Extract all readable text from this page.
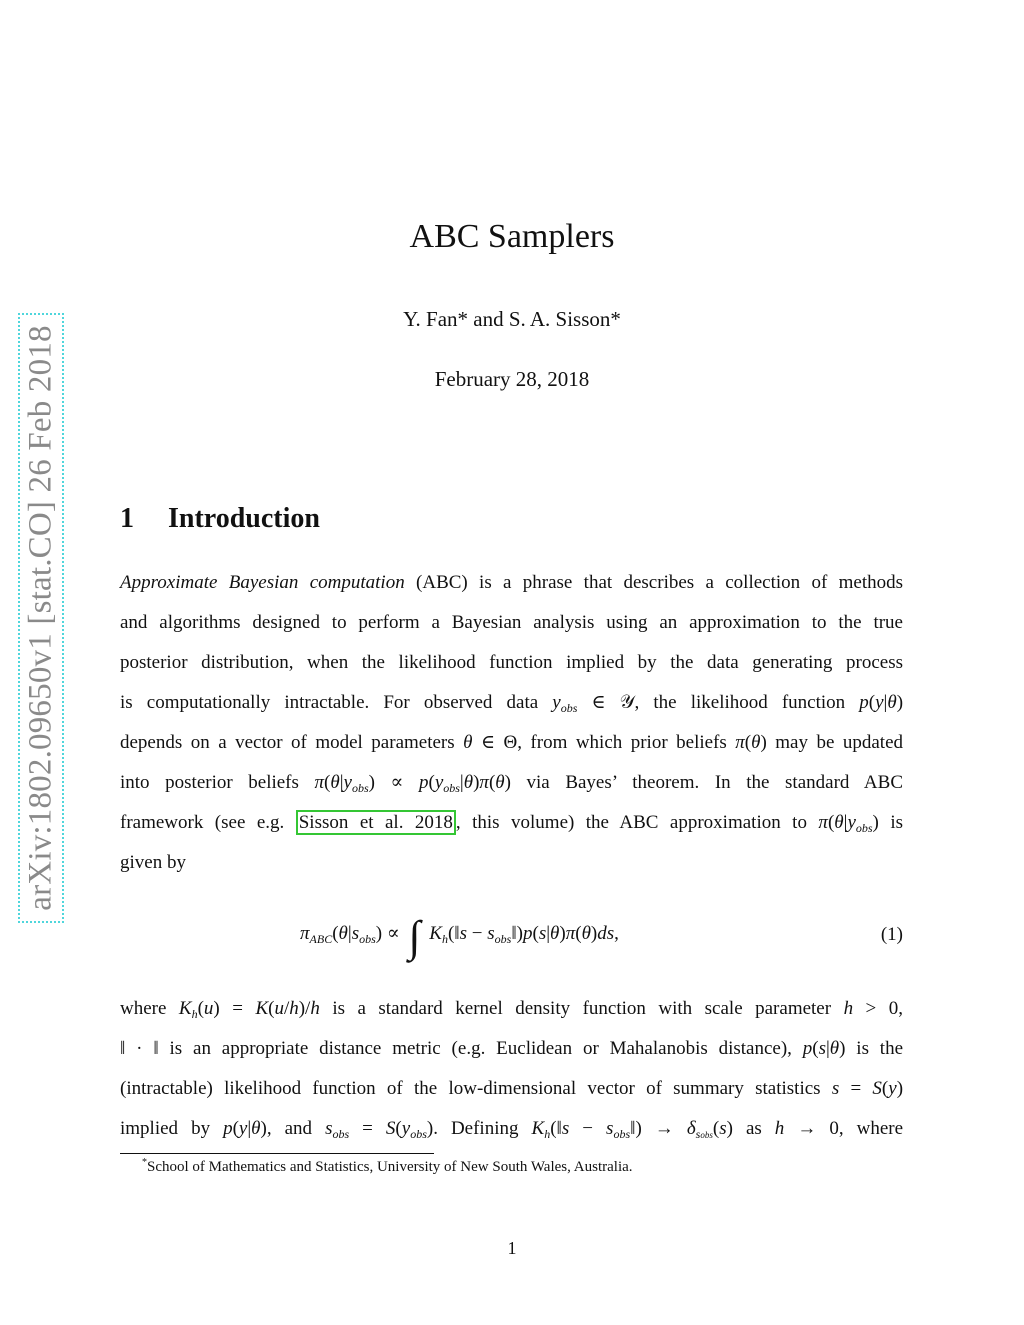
arXiv:1802.09650v1 [stat.CO] 26 Feb 2018
ABC Samplers
Y. Fan* and S. A. Sisson*
February 28, 2018
1 Introduction
Approximate Bayesian computation (ABC) is a phrase that describes a collection of methods
and algorithms designed to perform a Bayesian analysis using an approximation to the true
posterior distribution, when the likelihood function implied by the data generating process
is computationally intractable. For observed data $y_{obs}$ ∈ 𝒴, the likelihood function p(y|θ)
depends on a vector of model parameters θ ∈ Θ, from which prior beliefs π(θ) may be updated
into posterior beliefs $\pi(\theta|y_{obs}) \propto p(y_{obs}|\theta)\pi(\theta)$ via Bayes’ theorem. In the standard ABC
framework (see e.g. Sisson et al. 2018 , this volume) the ABC approximation to $\pi(\theta|y_{obs})$ is
given by
$\pi_{ABC}(\theta|s_{obs})$ ∝ ∫ $K_h(‖s$ − $s_{obs}‖)p(s|\theta)\pi(\theta)ds$,	(1)
where $K_h(u) = K(u/h)/h$ is a standard kernel density function with scale parameter h > 0,
‖ · ‖ is an appropriate distance metric (e.g. Euclidean or Mahalanobis distance), p(s|θ) is the
(intractable) likelihood function of the low-dimensional vector of summary statistics s = S(y)
implied by p(y|θ), and $s_{obs} = S(y_{obs})$. Defining $K_h(‖s$ − $s_{obs}‖) \to \delta_{sobs}(s)$ as h → 0, where
*School of Mathematics and Statistics, University of New South Wales, Australia.
1
